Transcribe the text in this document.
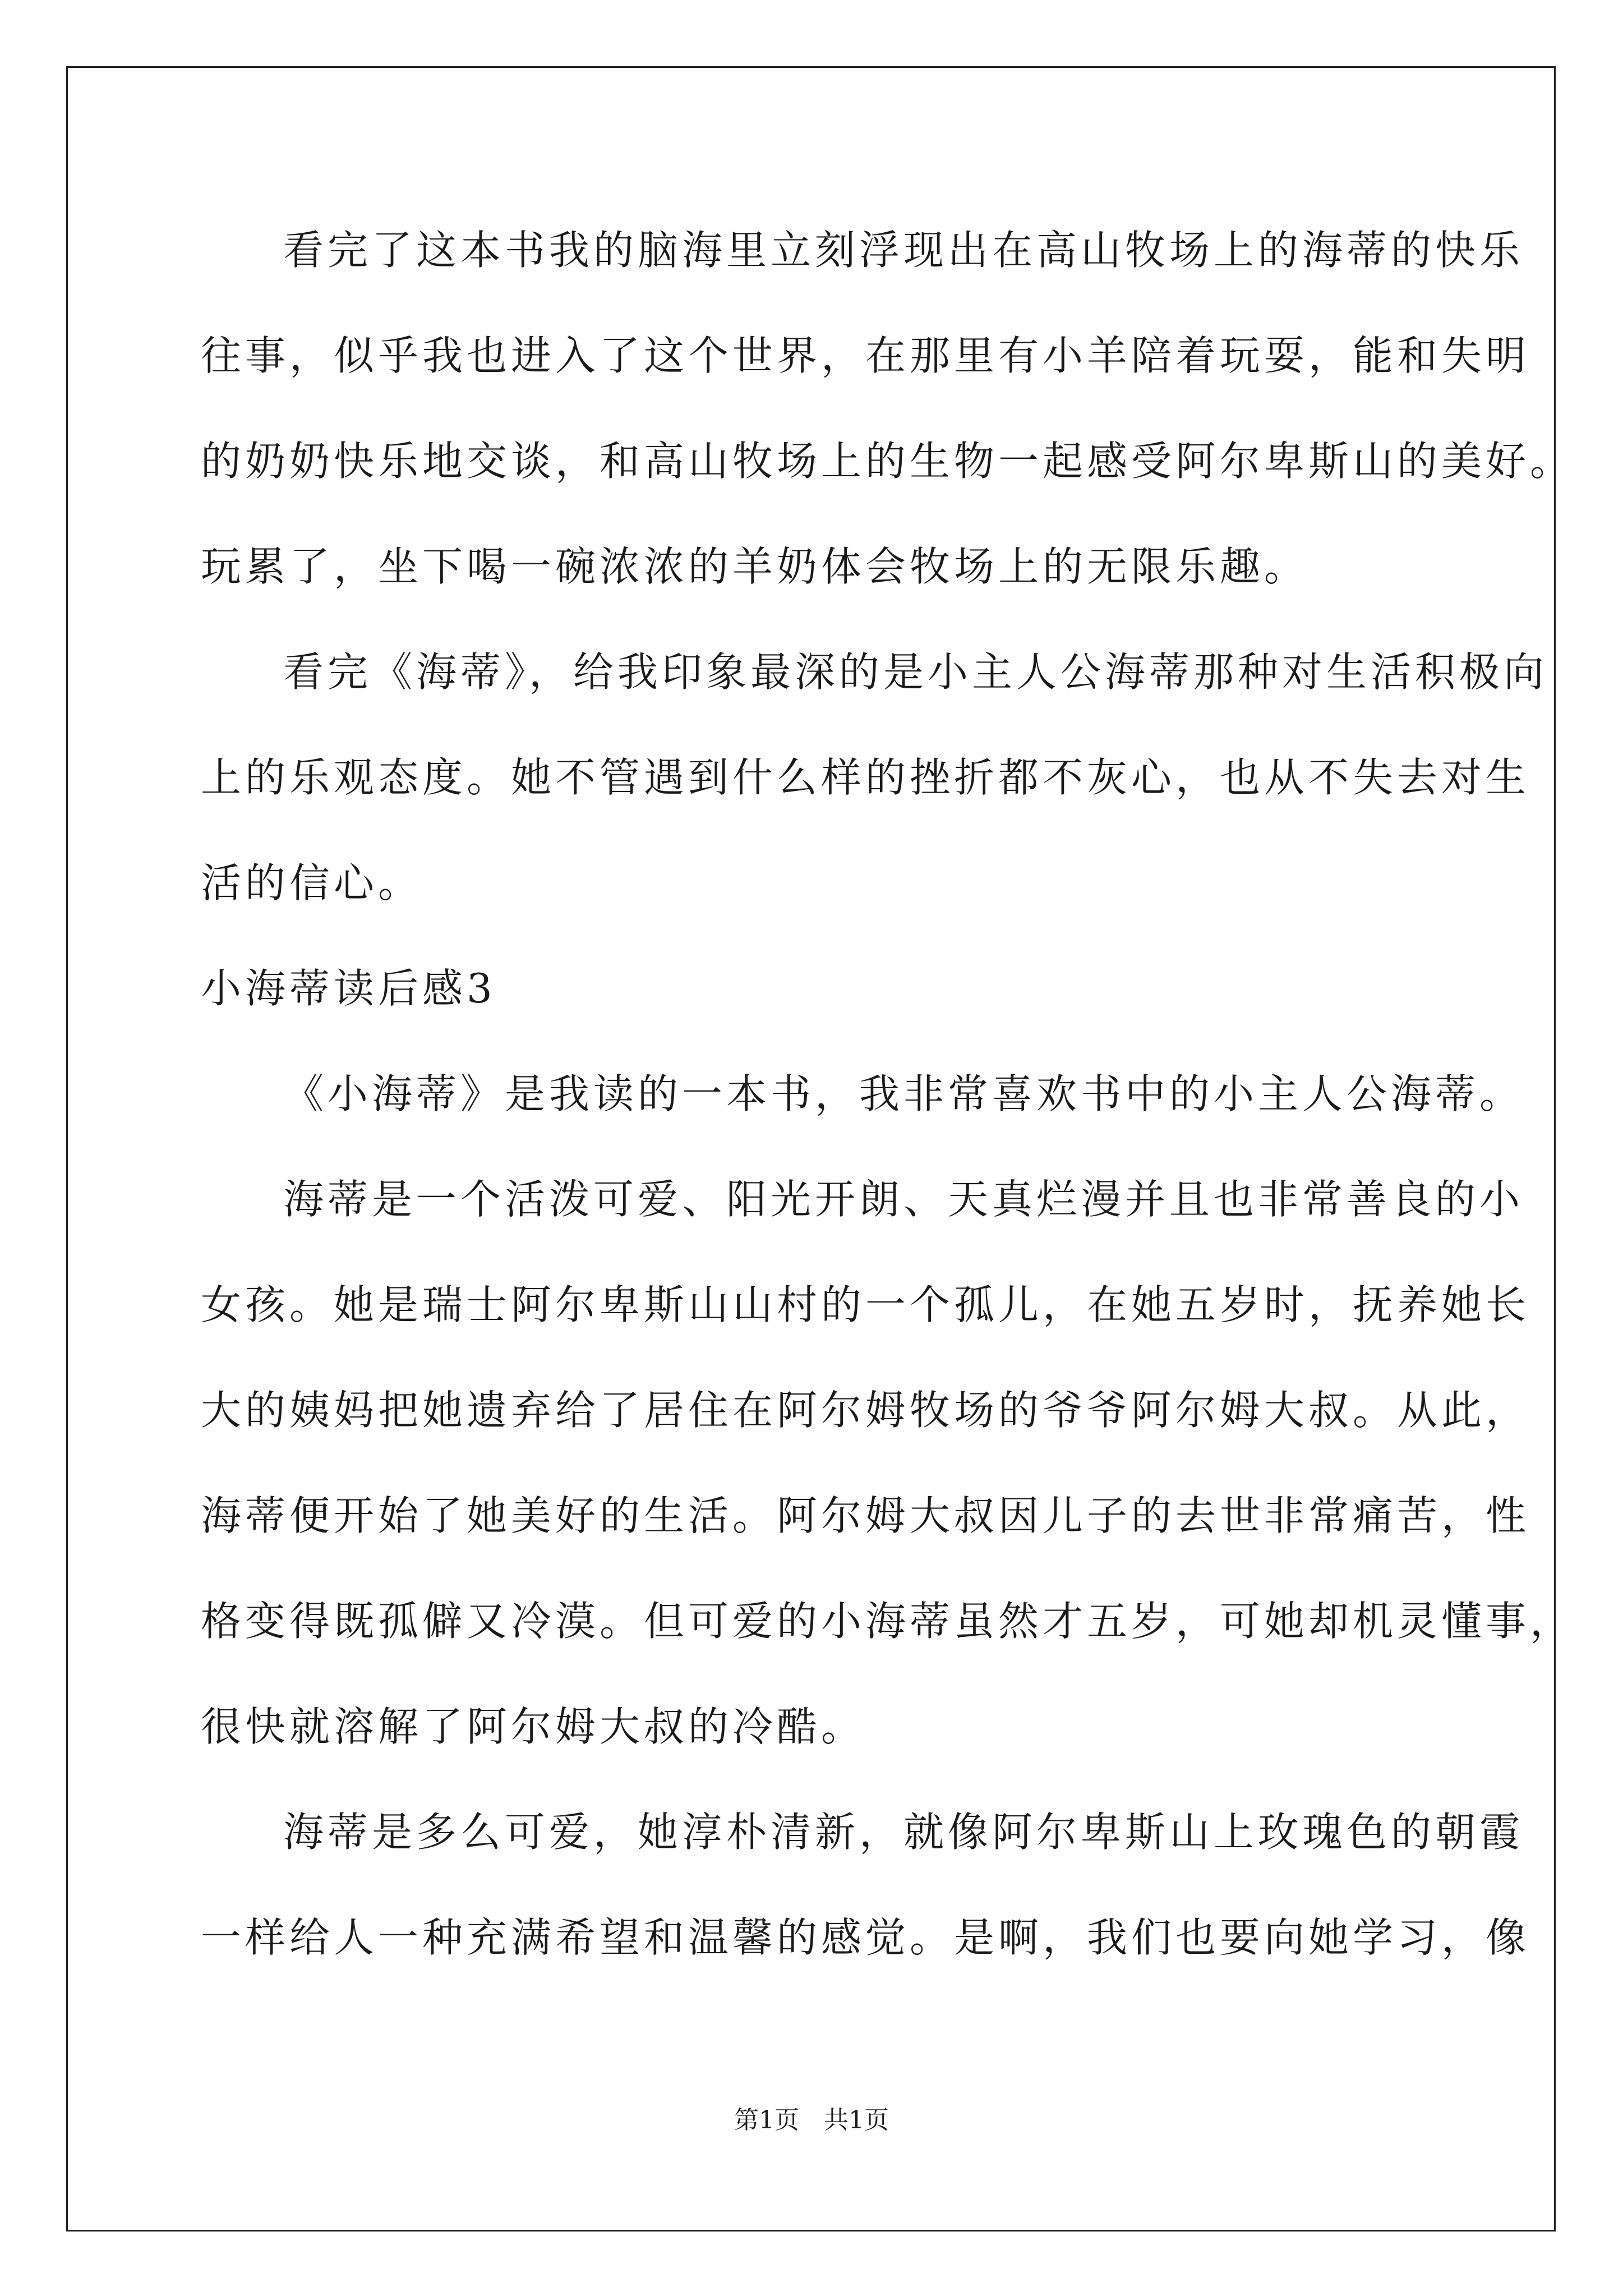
看完了这本书我的脑海里立刻浮现出在高山牧场上的海蒂的快乐
往事，似乎我也进入了这个世界，在那里有小羊陪着玩耍，能和失明
的奶奶快乐地交谈，和高山牧场上的生物一起感受阿尔卑斯山的美好。
玩累了，坐下喝一碗浓浓的羊奶体会牧场上的无限乐趣。
看完《海蒂》，给我印象最深的是小主人公海蒂那种对生活积极向
上的乐观态度。她不管遇到什么样的挫折都不灰心，也从不失去对生
活的信心。
小海蒂读后感3
《小海蒂》是我读的一本书，我非常喜欢书中的小主人公海蒂。
海蒂是一个活泼可爱、阳光开朗、天真烂漫并且也非常善良的小
女孩。她是瑞士阿尔卑斯山山村的一个孤儿，在她五岁时，抚养她长
大的姨妈把她遗弃给了居住在阿尔姆牧场的爷爷阿尔姆大叔。从此，
海蒂便开始了她美好的生活。阿尔姆大叔因儿子的去世非常痛苦，性
格变得既孤僻又冷漠。但可爱的小海蒂虽然才五岁，可她却机灵懂事，
很快就溶解了阿尔姆大叔的冷酷。
海蒂是多么可爱，她淳朴清新，就像阿尔卑斯山上玫瑰色的朝霞
一样给人一种充满希望和温馨的感觉。是啊，我们也要向她学习，像
第1页 共1页
